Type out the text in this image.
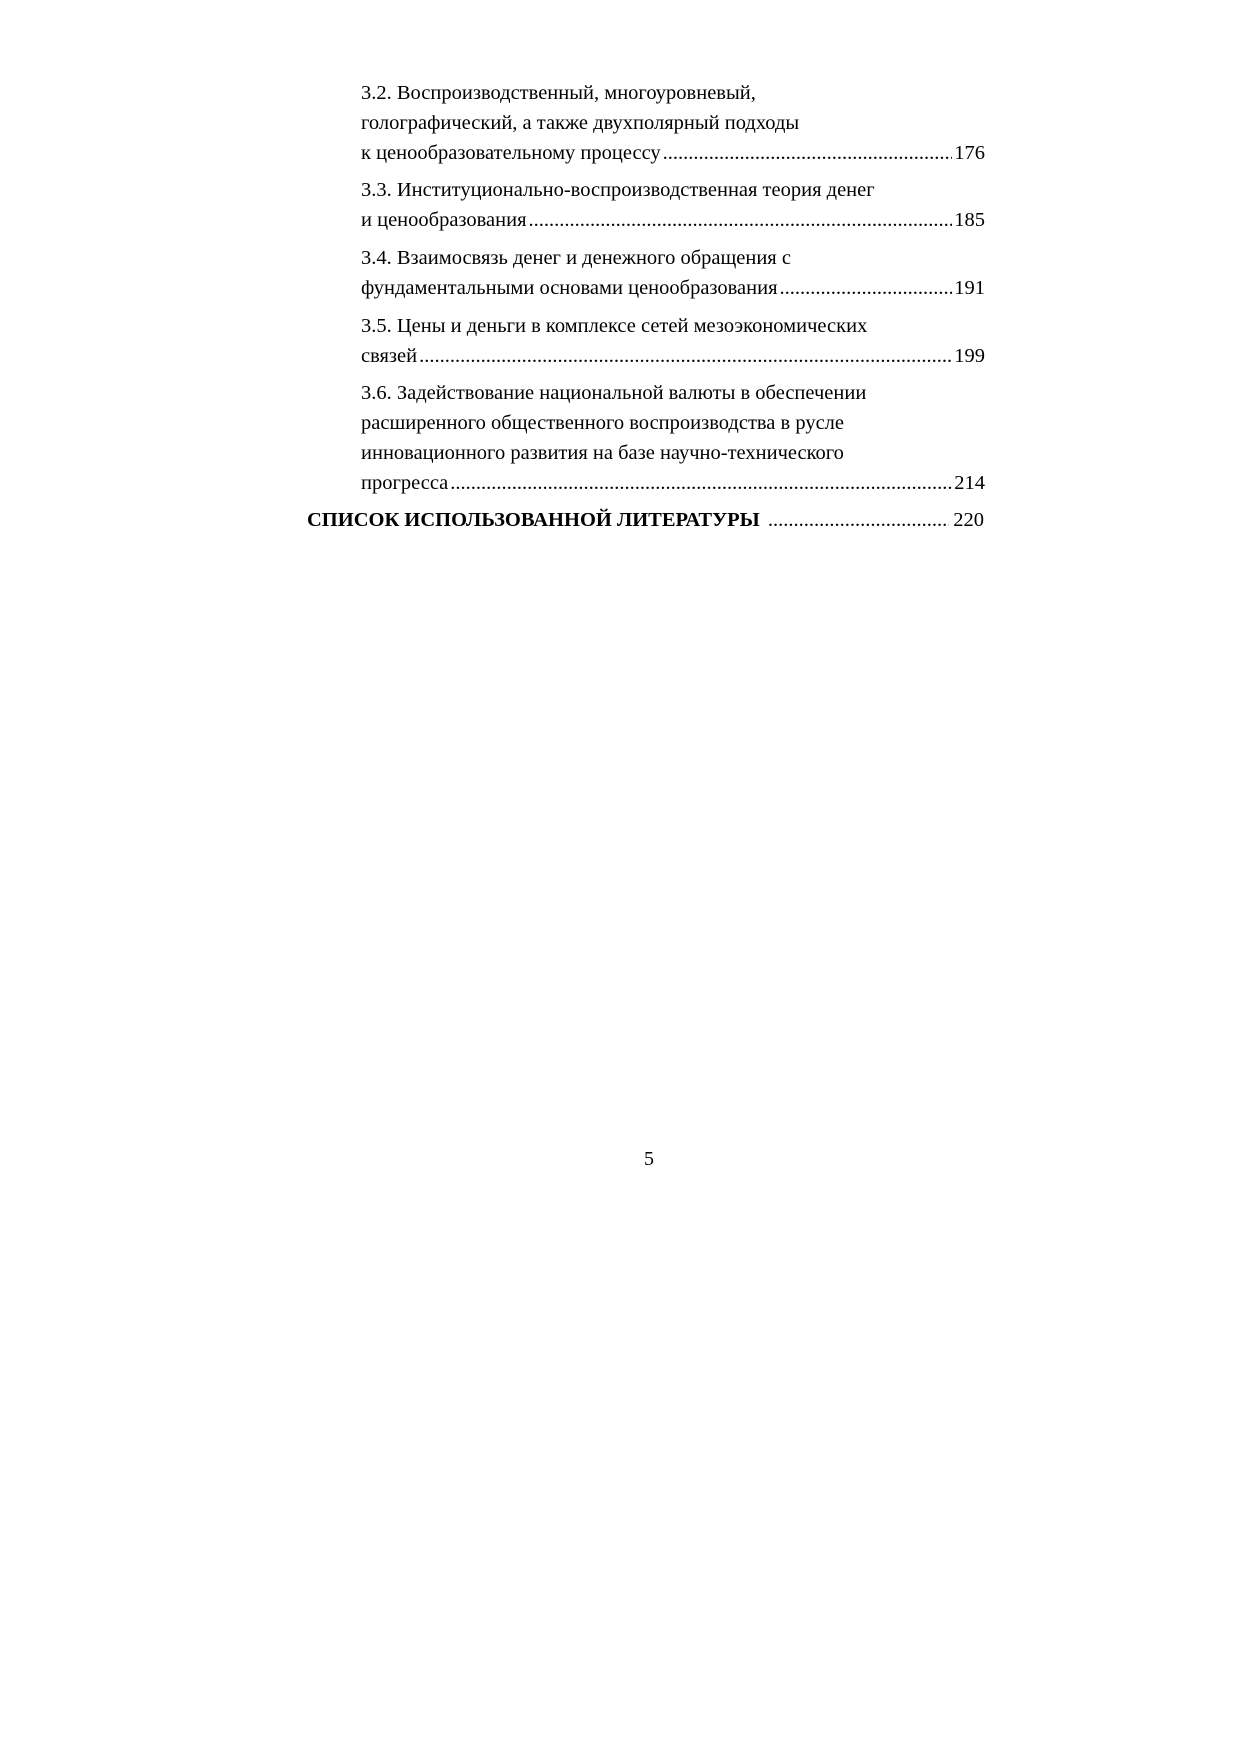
3.2. Воспроизводственный, многоуровневый,
голографический, а также двухполярный подходы
к ценообразовательному процессу .....	176
3.3. Институционально-воспроизводственная теория денег
и ценообразования .....	185
3.4. Взаимосвязь денег и денежного обращения с
фундаментальными основами ценообразования .....	191
3.5. Цены и деньги в комплексе сетей мезоэкономических
связей .....	199
3.6. Задействование национальной валюты в обеспечении
расширенного общественного воспроизводства в русле
инновационного развития на базе научно-технического
прогресса .....	214
СПИСОК ИСПОЛЬЗОВАННОЙ ЛИТЕРАТУРЫ .....	220
5
